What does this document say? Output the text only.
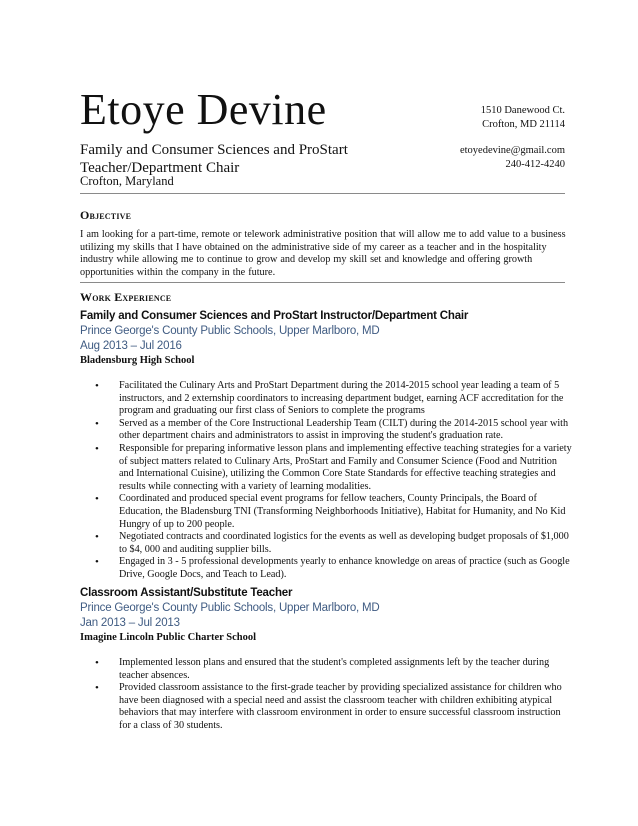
Etoye Devine
Family and Consumer Sciences and ProStart
Teacher/Department Chair
Crofton, Maryland
1510 Danewood Ct.
Crofton, MD 21114
etoyedevine@gmail.com
240-412-4240
Objective
I am looking for a part-time, remote or telework administrative position that will allow me to add value to a business utilizing my skills that I have obtained on the administrative side of my career as a teacher and in the hospitality industry while allowing me to continue to grow and develop my skill set and knowledge and offering growth opportunities within the company in the future.
Work Experience
Family and Consumer Sciences and ProStart Instructor/Department Chair
Prince George's County Public Schools, Upper Marlboro, MD
Aug 2013 – Jul 2016
Bladensburg High School
• Facilitated the Culinary Arts and ProStart Department during the 2014-2015 school year leading a team of 5 instructors, and 2 externship coordinators to increasing department budget, earning ACF accreditation for the program and graduating our first class of Seniors to complete the programs
• Served as a member of the Core Instructional Leadership Team (CILT) during the 2014-2015 school year with other department chairs and administrators to assist in improving the student's graduation rate.
• Responsible for preparing informative lesson plans and implementing effective teaching strategies for a variety of subject matters related to Culinary Arts, ProStart and Family and Consumer Science (Food and Nutrition and International Cuisine), utilizing the Common Core State Standards for effective teaching strategies and results while connecting with a variety of learning modalities.
• Coordinated and produced special event programs for fellow teachers, County Principals, the Board of Education, the Bladensburg TNI (Transforming Neighborhoods Initiative), Habitat for Humanity, and No Kid Hungry of up to 200 people.
• Negotiated contracts and coordinated logistics for the events as well as developing budget proposals of $1,000 to $4, 000 and auditing supplier bills.
• Engaged in 3 - 5 professional developments yearly to enhance knowledge on areas of practice (such as Google Drive, Google Docs, and Teach to Lead).
Classroom Assistant/Substitute Teacher
Prince George's County Public Schools, Upper Marlboro, MD
Jan 2013 – Jul 2013
Imagine Lincoln Public Charter School
• Implemented lesson plans and ensured that the student's completed assignments left by the teacher during teacher absences.
• Provided classroom assistance to the first-grade teacher by providing specialized assistance for children who have been diagnosed with a special need and assist the classroom teacher with children exhibiting atypical behaviors that may interfere with classroom environment in order to ensure successful classroom instruction for a class of 30 students.
